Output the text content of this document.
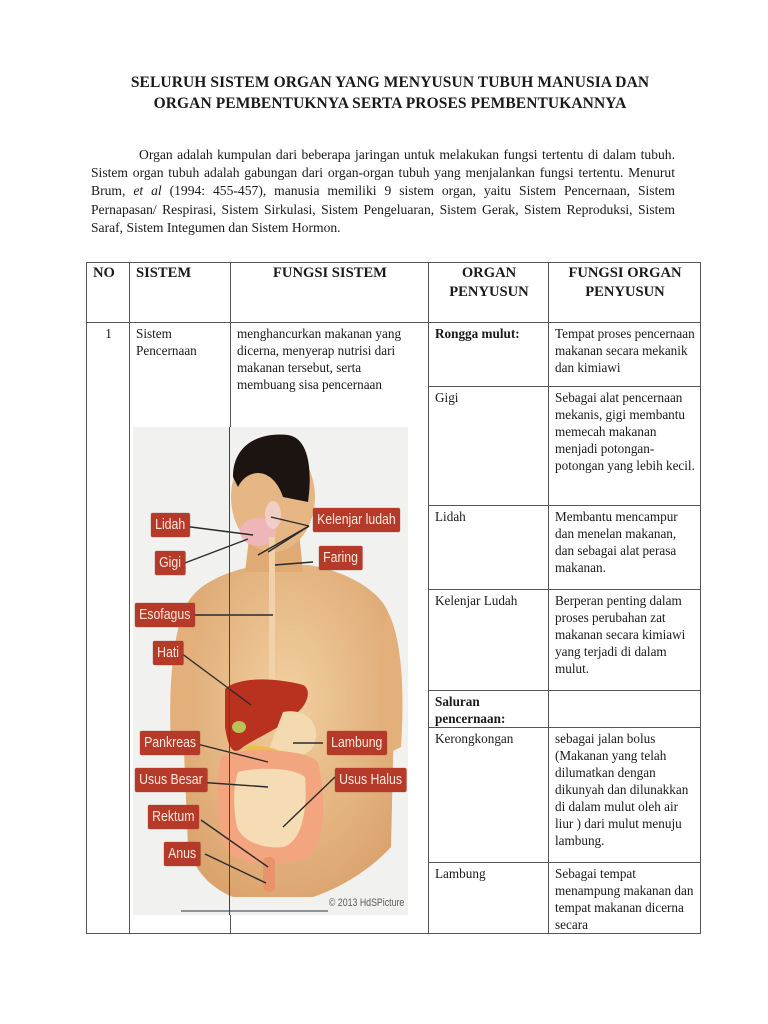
SELURUH SISTEM ORGAN YANG MENYUSUN TUBUH MANUSIA DAN
ORGAN PEMBENTUKNYA SERTA PROSES PEMBENTUKANNYA
Organ adalah kumpulan dari beberapa jaringan untuk melakukan fungsi tertentu di dalam tubuh. Sistem organ tubuh adalah gabungan dari organ-organ tubuh yang menjalankan fungsi tertentu. Menurut Brum, et al (1994: 455-457), manusia memiliki 9 sistem organ, yaitu Sistem Pencernaan, Sistem Pernapasan/ Respirasi, Sistem Sirkulasi, Sistem Pengeluaran, Sistem Gerak, Sistem Reproduksi, Sistem Saraf, Sistem Integumen dan Sistem Hormon.
NO	SISTEM	FUNGSI SISTEM	ORGAN PENYUSUN	FUNGSI ORGAN PENYUSUN
1	Sistem Pencernaan	menghancurkan makanan yang dicerna, menyerap nutrisi dari makanan tersebut, serta membuang sisa pencernaan	Rongga mulut:	Tempat proses pencernaan makanan secara mekanik dan kimiawi
			Gigi	Sebagai alat pencernaan mekanis, gigi membantu memecah makanan menjadi potongan-potongan yang lebih kecil.
			Lidah	Membantu mencampur dan menelan makanan, dan sebagai alat perasa makanan.
			Kelenjar Ludah	Berperan penting dalam proses perubahan zat makanan secara kimiawi yang terjadi di dalam mulut.
			Saluran pencernaan:	
			Kerongkongan	sebagai jalan bolus (Makanan yang telah dilumatkan dengan dikunyah dan dilunakkan di dalam mulut oleh air liur ) dari mulut menuju lambung.
			Lambung	Sebagai tempat menampung makanan dan tempat makanan dicerna secara
Lidah
Gigi
Kelenjar ludah
Faring
Esofagus
Hati
Pankreas	Lambung
Usus Besar	Usus Halus
Rektum
Anus
© 2013 HdSPicture
